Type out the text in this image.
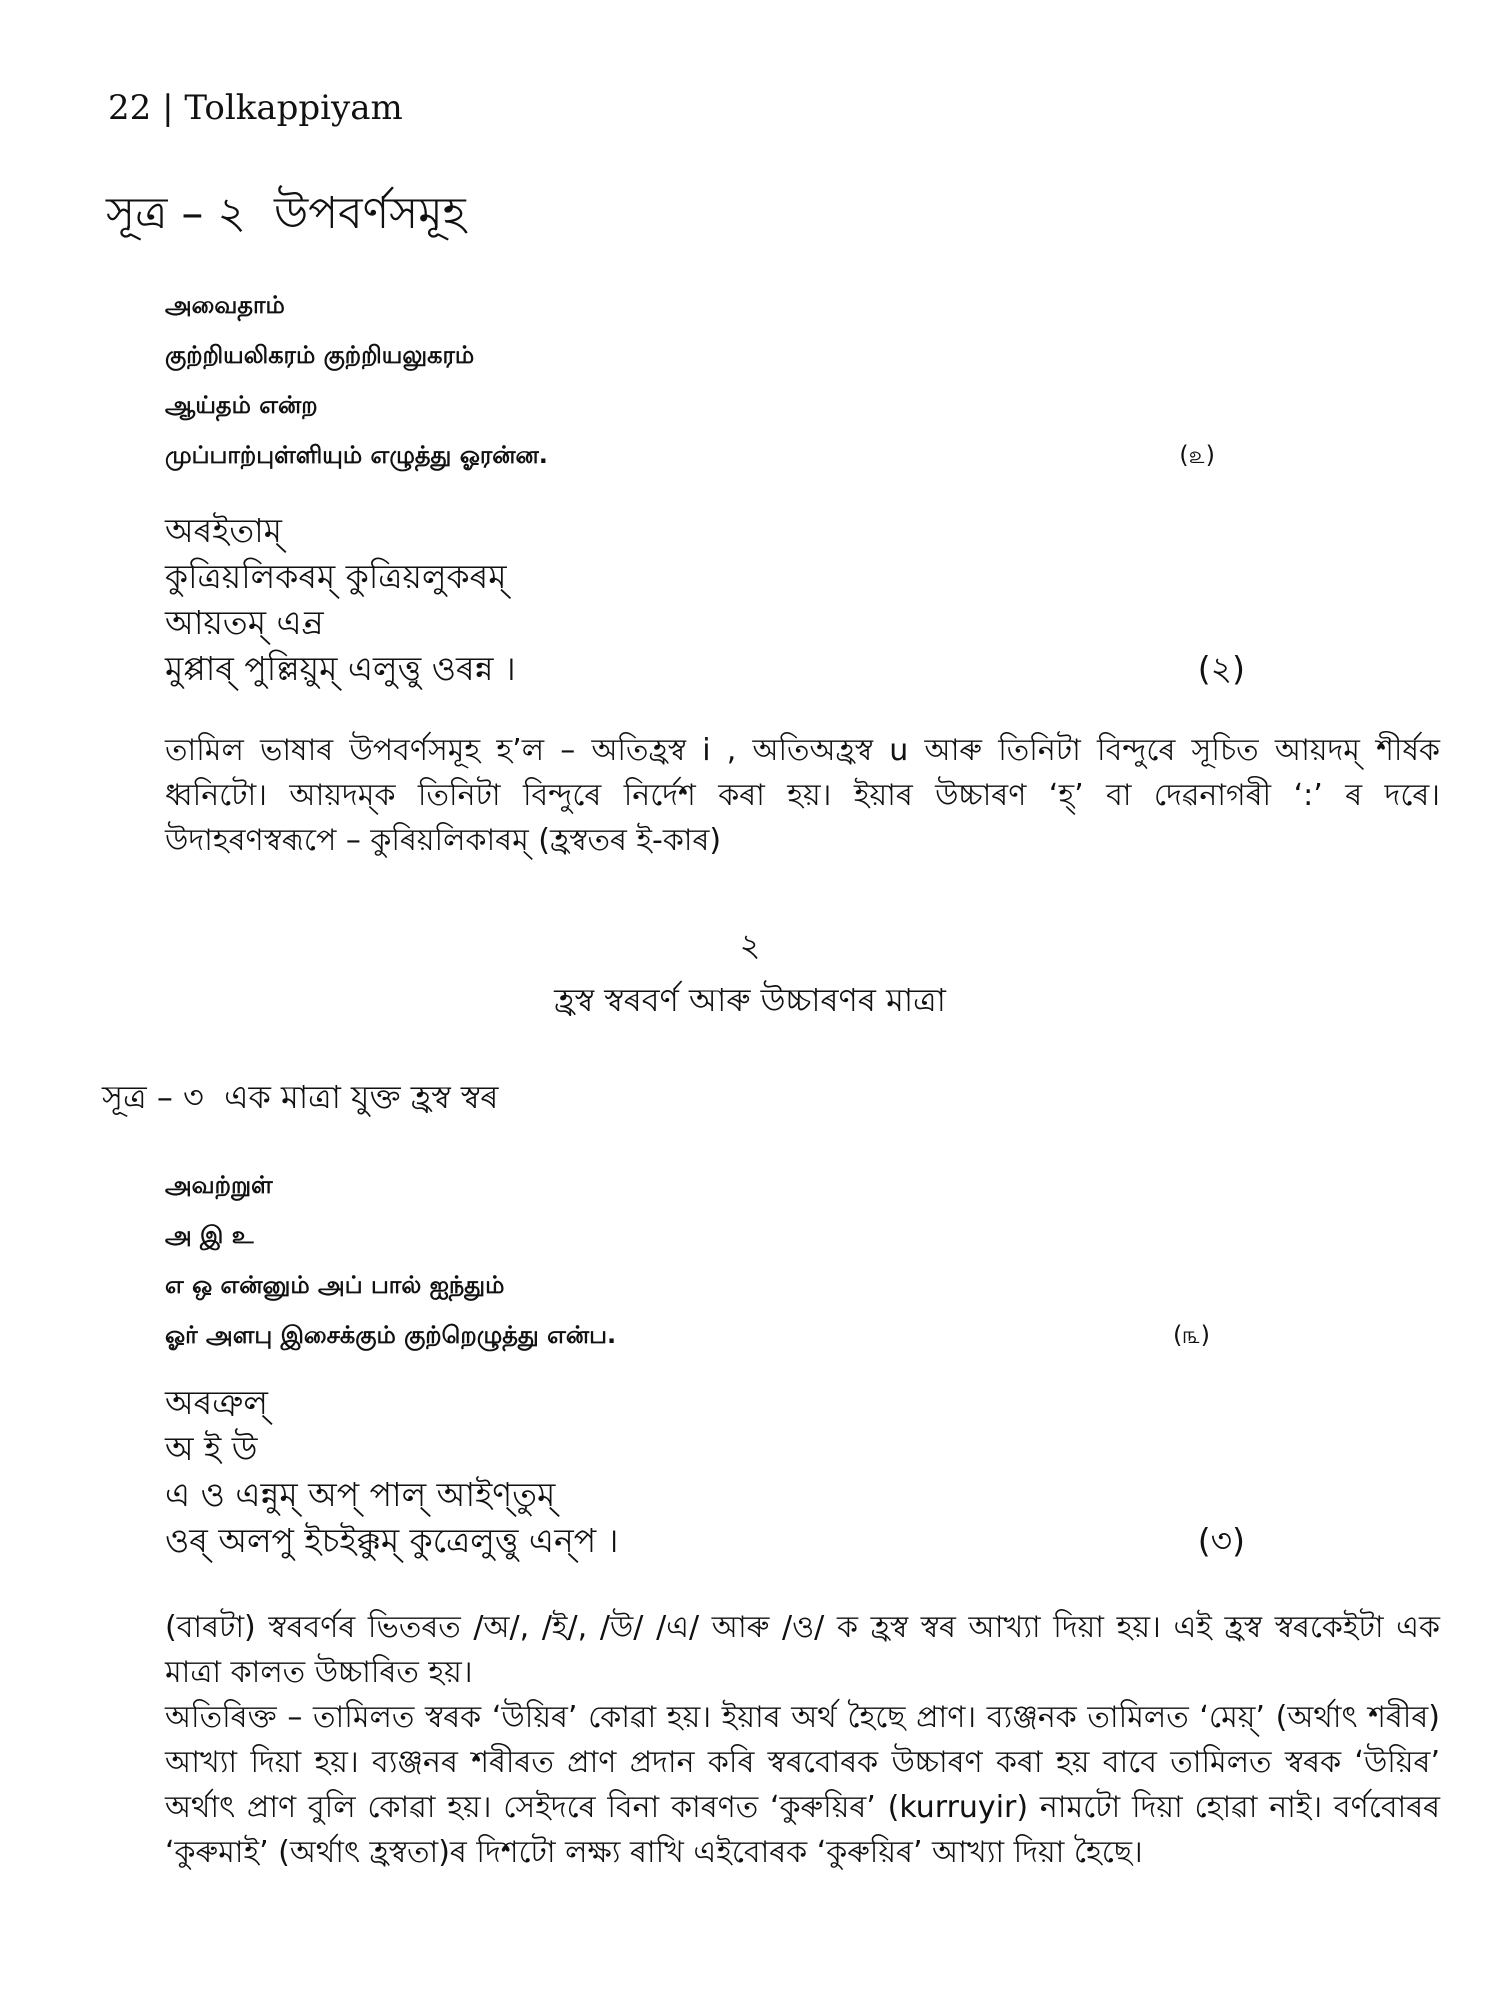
22 | Tolkappiyam
সূত্ৰ – ২  উপবৰ্ণসমূহ
அவைதாம்
குற்றியலிகரம் குற்றியலுகரம்
ஆய்தம் என்ற
முப்பாற்புள்ளியும் எழுத்து ஓரன்ன.	(௨)
অৰইতাম্
কুত্ৰিয়লিকৰম্ কুত্ৰিয়লুকৰম্
আয়তম্ এন্ৰ
মুপ্পাৰ্ পুল্লিয়ুম্ এলুত্তু ওৰন্ন ।	(২)

তামিল ভাষাৰ উপবৰ্ণসমূহ হ’ল – অতিহ্ৰস্ব i , অতিঅহ্ৰস্ব u আৰু তিনিটা বিন্দুৰে সূচিত আয়দম্ শীৰ্ষক ধ্বনিটো। আয়দম্‌ক তিনিটা বিন্দুৰে নিৰ্দেশ কৰা হয়। ইয়াৰ উচ্চাৰণ ‘হ্’ বা দেৱনাগৰী ‘:’ ৰ দৰে। উদাহৰণস্বৰূপে – কুৰিয়লিকাৰম্ (হ্ৰস্বতৰ ই-কাৰ)

২
হ্ৰস্ব স্বৰবৰ্ণ আৰু উচ্চাৰণৰ মাত্ৰা
সূত্ৰ – ৩  এক মাত্ৰা যুক্ত হ্ৰস্ব স্বৰ
அவற்றுள்
அ இ உ
எ ஒ என்னும் அப் பால் ஐந்தும்
ஓர் அளபு இசைக்கும் குற்றெழுத்து என்ப.	(௩)
অৰত্ৰুল্
অ ই উ
এ ও এন্নুম্ অপ্ পাল্ আইণ্তুম্
ওৰ্ অলপু ইচইক্কুম্ কুত্ৰেলুত্তু এন্প ।	(৩)

(বাৰটা) স্বৰবৰ্ণৰ ভিতৰত /অ/, /ই/, /উ/ /এ/ আৰু /ও/ ক হ্ৰস্ব স্বৰ আখ্যা দিয়া হয়। এই হ্ৰস্ব স্বৰকেইটা এক মাত্ৰা কালত উচ্চাৰিত হয়।

অতিৰিক্ত – তামিলত স্বৰক ‘উয়িৰ’ কোৱা হয়। ইয়াৰ অৰ্থ হৈছে প্ৰাণ। ব্যঞ্জনক তামিলত ‘মেয়্’ (অৰ্থাৎ শৰীৰ) আখ্যা দিয়া হয়। ব্যঞ্জনৰ শৰীৰত প্ৰাণ প্ৰদান কৰি স্বৰবোৰক উচ্চাৰণ কৰা হয় বাবে তামিলত স্বৰক ‘উয়িৰ’ অৰ্থাৎ প্ৰাণ বুলি কোৱা হয়। সেইদৰে বিনা কাৰণত ‘কুৰুয়িৰ’ (kurruyir) নামটো দিয়া হোৱা নাই। বৰ্ণবোৰৰ ‘কুৰুমাই’ (অৰ্থাৎ হ্ৰস্বতা)ৰ দিশটো লক্ষ্য ৰাখি এইবোৰক ‘কুৰুয়িৰ’ আখ্যা দিয়া হৈছে।
